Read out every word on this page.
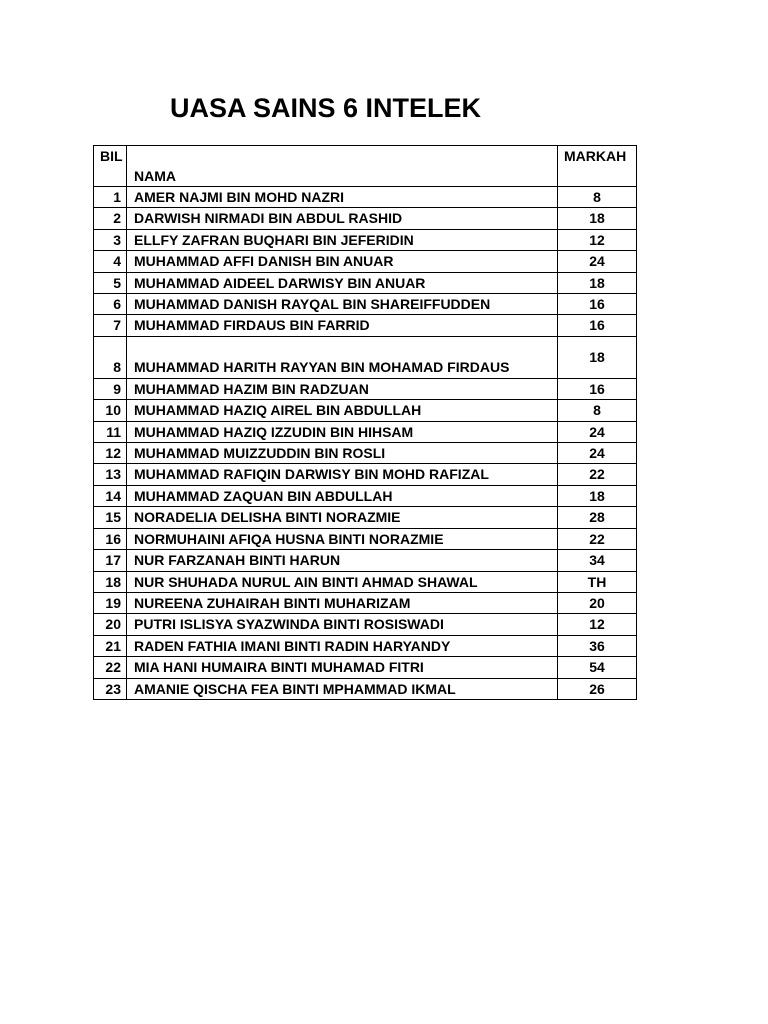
UASA SAINS 6 INTELEK
BIL	NAMA	MARKAH
1	AMER NAJMI BIN MOHD NAZRI	8
2	DARWISH NIRMADI BIN ABDUL RASHID	18
3	ELLFY ZAFRAN BUQHARI BIN JEFERIDIN	12
4	MUHAMMAD AFFI DANISH BIN ANUAR	24
5	MUHAMMAD AIDEEL DARWISY BIN ANUAR	18
6	MUHAMMAD DANISH RAYQAL BIN SHAREIFFUDDEN	16
7	MUHAMMAD FIRDAUS BIN FARRID	16
8	MUHAMMAD HARITH RAYYAN BIN MOHAMAD FIRDAUS	18
9	MUHAMMAD HAZIM BIN RADZUAN	16
10	MUHAMMAD HAZIQ AIREL BIN ABDULLAH	8
11	MUHAMMAD HAZIQ IZZUDIN BIN HIHSAM	24
12	MUHAMMAD MUIZZUDDIN BIN ROSLI	24
13	MUHAMMAD RAFIQIN DARWISY BIN MOHD RAFIZAL	22
14	MUHAMMAD ZAQUAN BIN ABDULLAH	18
15	NORADELIA DELISHA BINTI NORAZMIE	28
16	NORMUHAINI AFIQA HUSNA BINTI NORAZMIE	22
17	NUR FARZANAH BINTI HARUN	34
18	NUR SHUHADA NURUL AIN BINTI AHMAD SHAWAL	TH
19	NUREENA ZUHAIRAH BINTI MUHARIZAM	20
20	PUTRI ISLISYA SYAZWINDA BINTI ROSISWADI	12
21	RADEN FATHIA IMANI BINTI RADIN HARYANDY	36
22	MIA HANI HUMAIRA BINTI MUHAMAD FITRI	54
23	AMANIE QISCHA FEA BINTI MPHAMMAD IKMAL	26
